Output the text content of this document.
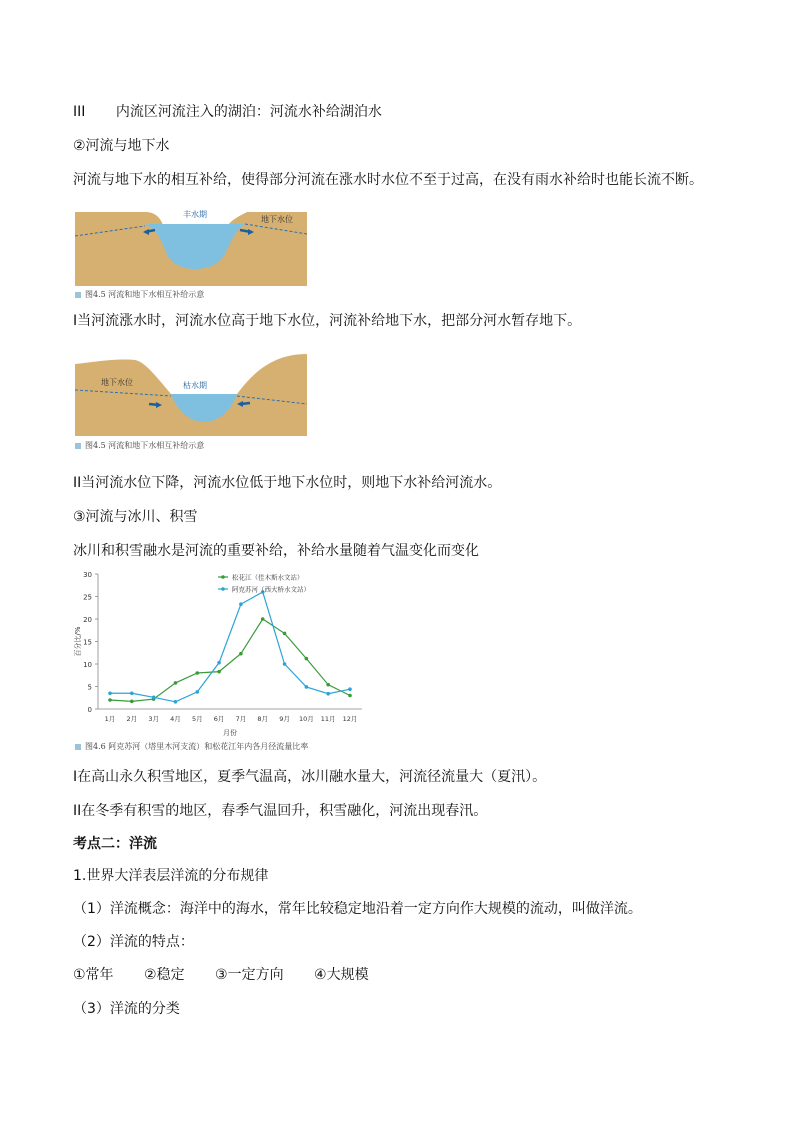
III 内流区河流注入的湖泊：河流水补给湖泊水
②河流与地下水
河流与地下水的相互补给，使得部分河流在涨水时水位不至于过高，在没有雨水补给时也能长流不断。
丰水期
地下水位
图4.5 河流和地下水相互补给示意
I当河流涨水时，河流水位高于地下水位，河流补给地下水，把部分河水暂存地下。
枯水期
地下水位
图4.5 河流和地下水相互补给示意
II当河流水位下降，河流水位低于地下水位时，则地下水补给河流水。
③河流与冰川、积雪
冰川和积雪融水是河流的重要补给，补给水量随着气温变化而变化
0
5
10
15
20
25
30
1月 2月 3月 4月 5月 6月 7月 8月 9月 10月 11月 12月
月份
百分比/%
松花江（佳木斯水文站）
阿克苏河（西大桥水文站）
图4.6 阿克苏河（塔里木河支流）和松花江年内各月径流量比率
I在高山永久积雪地区，夏季气温高，冰川融水量大，河流径流量大（夏汛）。
II在冬季有积雪的地区，春季气温回升，积雪融化，河流出现春汛。
考点二：洋流
1.世界大洋表层洋流的分布规律
（1）洋流概念：海洋中的海水，常年比较稳定地沿着一定方向作大规模的流动，叫做洋流。
（2）洋流的特点：
①常年 ②稳定 ③一定方向 ④大规模
（3）洋流的分类
